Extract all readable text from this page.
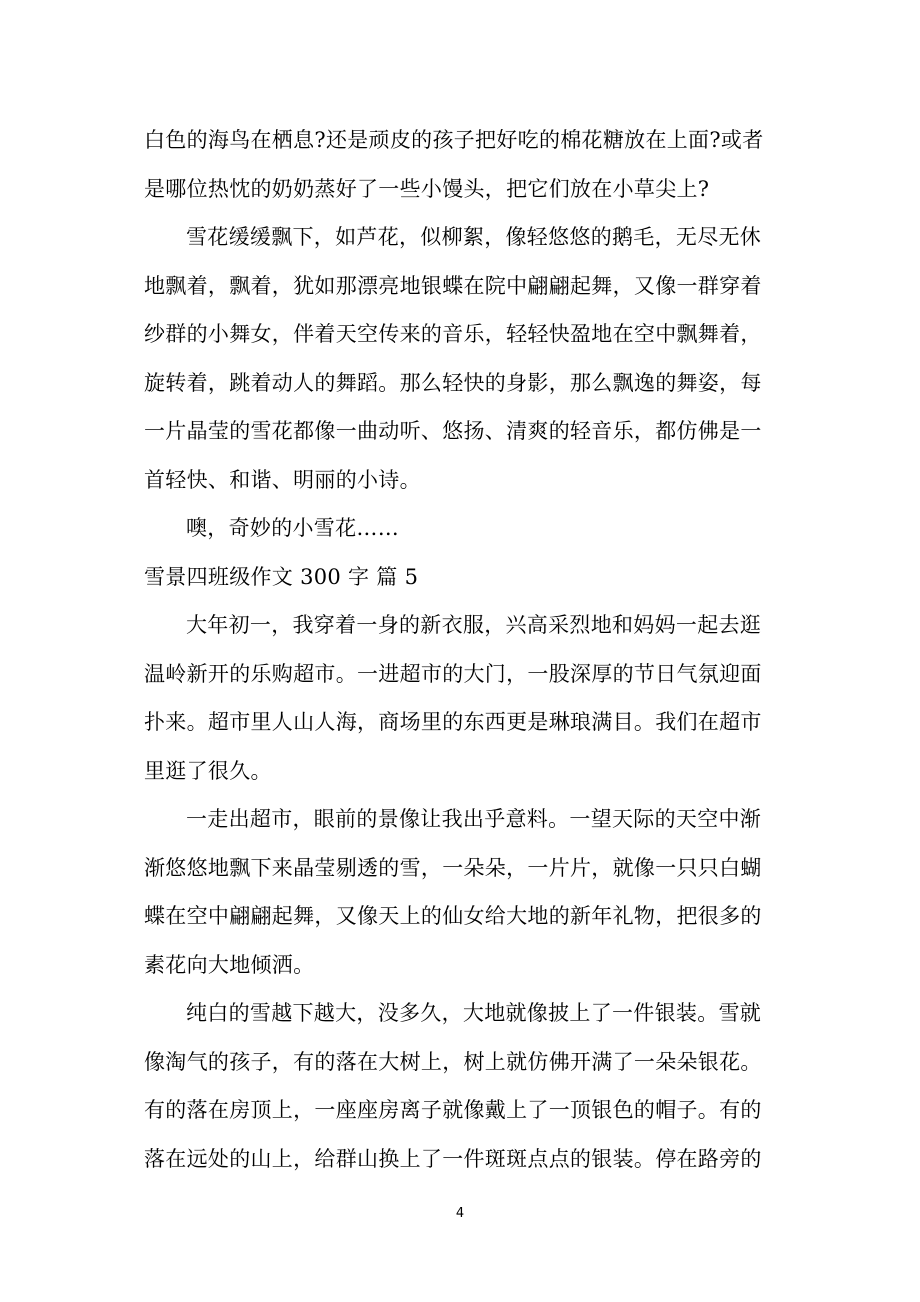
白色的海鸟在栖息?还是顽皮的孩子把好吃的棉花糖放在上面?或者
是哪位热忱的奶奶蒸好了一些小馒头，把它们放在小草尖上?
雪花缓缓飘下，如芦花，似柳絮，像轻悠悠的鹅毛，无尽无休
地飘着，飘着，犹如那漂亮地银蝶在院中翩翩起舞，又像一群穿着
纱群的小舞女，伴着天空传来的音乐，轻轻快盈地在空中飘舞着，
旋转着，跳着动人的舞蹈。那么轻快的身影，那么飘逸的舞姿，每
一片晶莹的雪花都像一曲动听、悠扬、清爽的轻音乐，都仿佛是一
首轻快、和谐、明丽的小诗。
噢，奇妙的小雪花……
雪景四班级作文 300 字 篇 5
大年初一，我穿着一身的新衣服，兴高采烈地和妈妈一起去逛
温岭新开的乐购超市。一进超市的大门，一股深厚的节日气氛迎面
扑来。超市里人山人海，商场里的东西更是琳琅满目。我们在超市
里逛了很久。
一走出超市，眼前的景像让我出乎意料。一望天际的天空中渐
渐悠悠地飘下来晶莹剔透的雪，一朵朵，一片片，就像一只只白蝴
蝶在空中翩翩起舞，又像天上的仙女给大地的新年礼物，把很多的
素花向大地倾洒。
纯白的雪越下越大，没多久，大地就像披上了一件银装。雪就
像淘气的孩子，有的落在大树上，树上就仿佛开满了一朵朵银花。
有的落在房顶上，一座座房离子就像戴上了一顶银色的帽子。有的
落在远处的山上，给群山换上了一件斑斑点点的银装。停在路旁的
4
